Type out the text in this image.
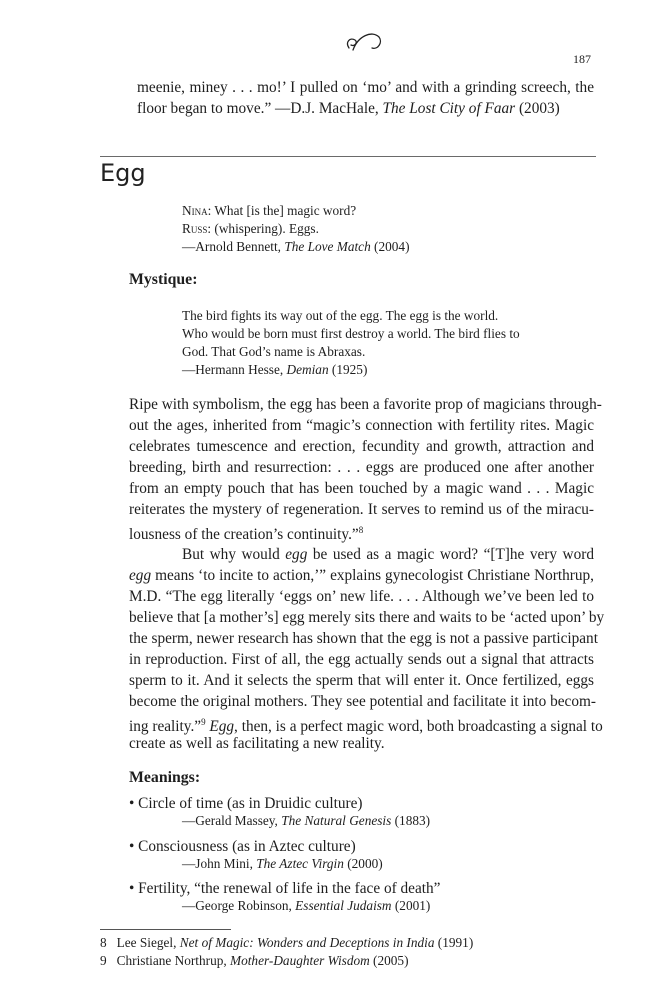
187
meenie, miney . . . mo!’ I pulled on ‘mo’ and with a grinding screech, the
floor began to move.” —D.J. MacHale, The Lost City of Faar (2003)
Egg
Nina: What [is the] magic word?
Russ: (whispering). Eggs.
—Arnold Bennett, The Love Match (2004)
Mystique:
The bird fights its way out of the egg. The egg is the world.
Who would be born must first destroy a world. The bird flies to
God. That God’s name is Abraxas.
—Hermann Hesse, Demian (1925)
Ripe with symbolism, the egg has been a favorite prop of magicians through-
out the ages, inherited from “magic’s connection with fertility rites. Magic
celebrates tumescence and erection, fecundity and growth, attraction and
breeding, birth and resurrection: . . . eggs are produced one after another
from an empty pouch that has been touched by a magic wand . . . Magic
reiterates the mystery of regeneration. It serves to remind us of the miracu-
lousness of the creation’s continuity.”$^8$
But why would egg be used as a magic word? “[T]he very word
egg means ‘to incite to action,’” explains gynecologist Christiane Northrup,
M.D. “The egg literally ‘eggs on’ new life. . . . Although we’ve been led to
believe that [a mother’s] egg merely sits there and waits to be ‘acted upon’ by
the sperm, newer research has shown that the egg is not a passive participant
in reproduction. First of all, the egg actually sends out a signal that attracts
sperm to it. And it selects the sperm that will enter it. Once fertilized, eggs
become the original mothers. They see potential and facilitate it into becom-
ing reality.”$^9$ Egg, then, is a perfect magic word, both broadcasting a signal to
create as well as facilitating a new reality.
Meanings:
• Circle of time (as in Druidic culture)
—Gerald Massey, The Natural Genesis (1883)
• Consciousness (as in Aztec culture)
—John Mini, The Aztec Virgin (2000)
• Fertility, “the renewal of life in the face of death”
—George Robinson, Essential Judaism (2001)
8 Lee Siegel, Net of Magic: Wonders and Deceptions in India (1991)
9 Christiane Northrup, Mother-Daughter Wisdom (2005)
